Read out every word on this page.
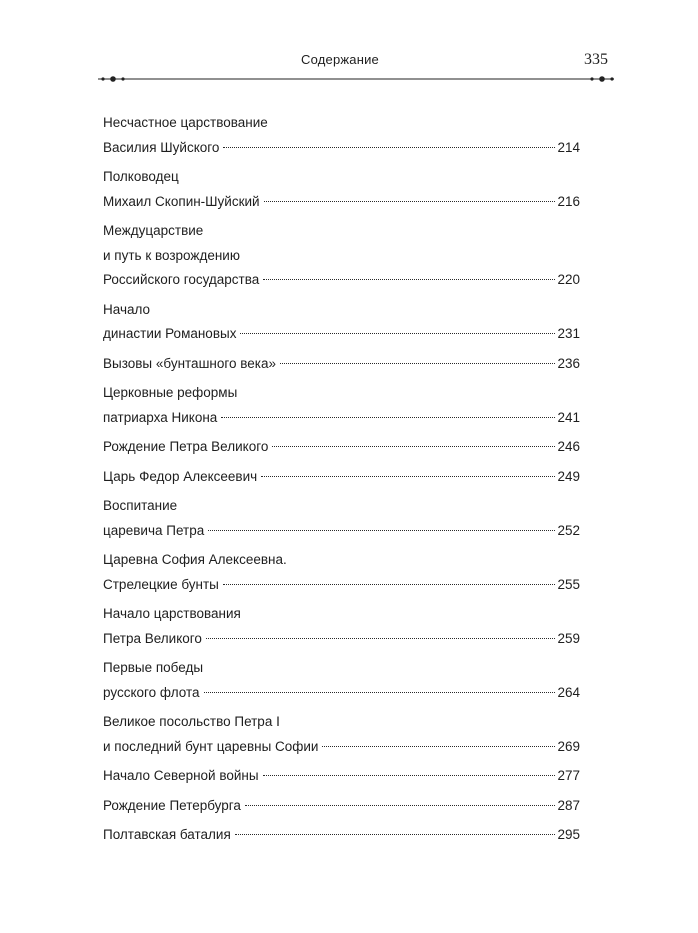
Содержание	335
Несчастное царствование
Василия Шуйского	214
Полководец
Михаил Скопин-Шуйский	216
Междуцарствие
и путь к возрождению
Российского государства	220
Начало
династии Романовых	231
Вызовы «бунташного века»	236
Церковные реформы
патриарха Никона	241
Рождение Петра Великого	246
Царь Федор Алексеевич	249
Воспитание
царевича Петра	252
Царевна София Алексеевна.
Стрелецкие бунты	255
Начало царствования
Петра Великого	259
Первые победы
русского флота	264
Великое посольство Петра I
и последний бунт царевны Софии	269
Начало Северной войны	277
Рождение Петербурга	287
Полтавская баталия	295
